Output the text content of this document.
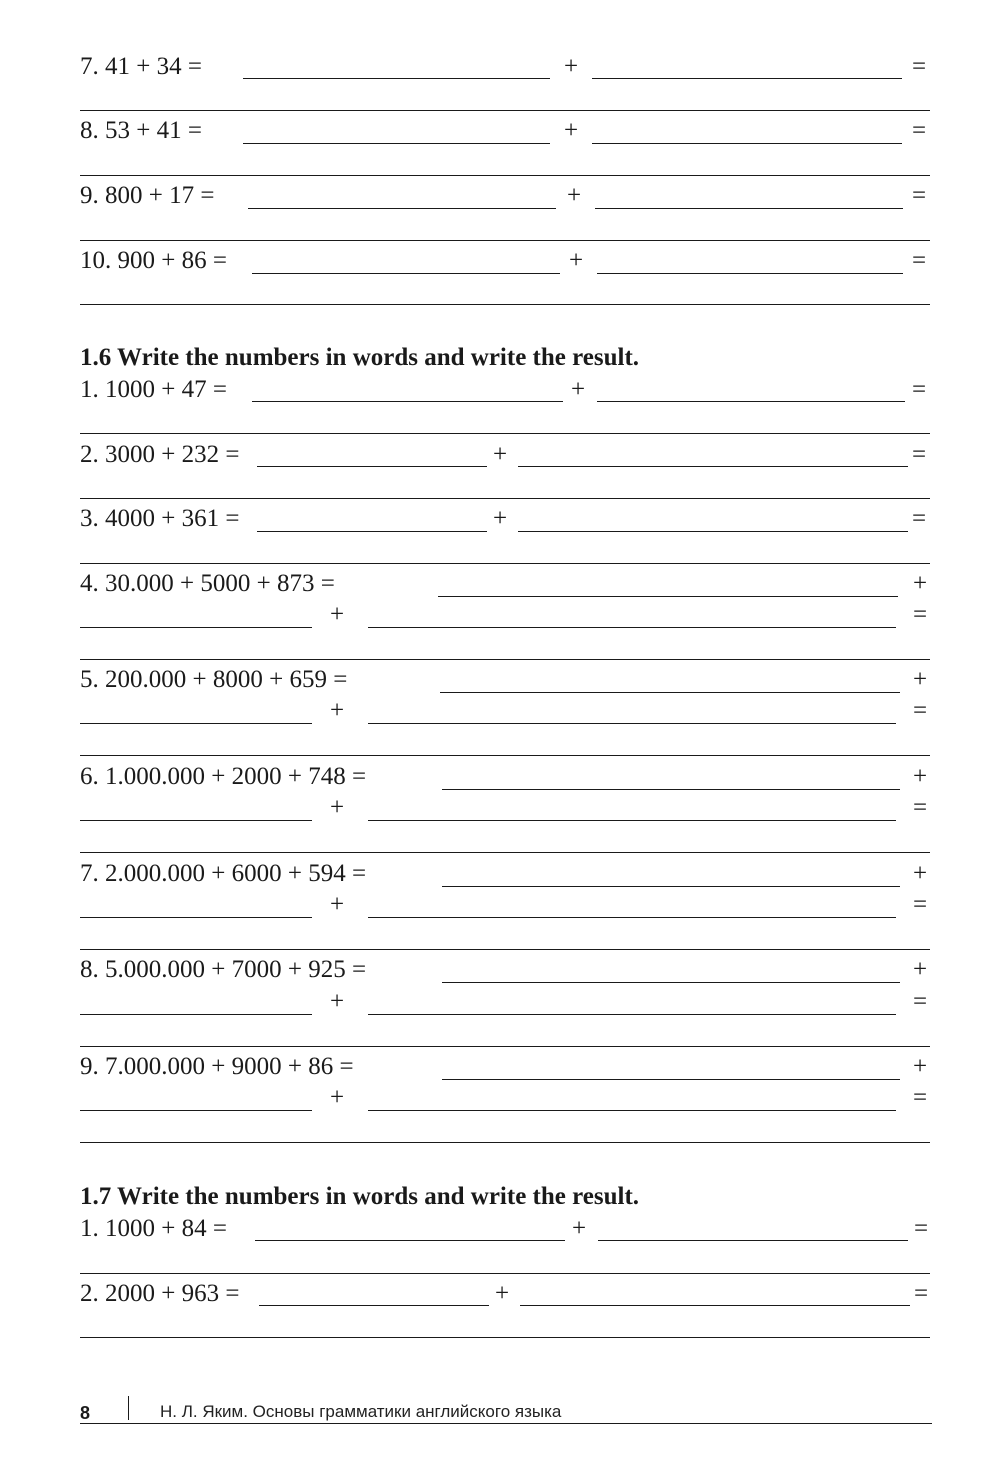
7. 41 + 34 =	+	=
8. 53 + 41 =	+	=
9. 800 + 17 =	+	=
10. 900 + 86 =	+	=
1.6 Write the numbers in words and write the result.
1. 1000 + 47 =	+	=
2. 3000 + 232 =	+	=
3. 4000 + 361 =	+	=
4. 30.000 + 5000 + 873 =	+
+	=
5. 200.000 + 8000 + 659 =	+
+	=
6. 1.000.000 + 2000 + 748 =	+
+	=
7. 2.000.000 + 6000 + 594 =	+
+	=
8. 5.000.000 + 7000 + 925 =	+
+	=
9. 7.000.000 + 9000 + 86 =	+
+	=
1.7 Write the numbers in words and write the result.
1. 1000 + 84 =	+	=
2. 2000 + 963 =	+	=
8	Н. Л. Яким. Основы грамматики английского языка
